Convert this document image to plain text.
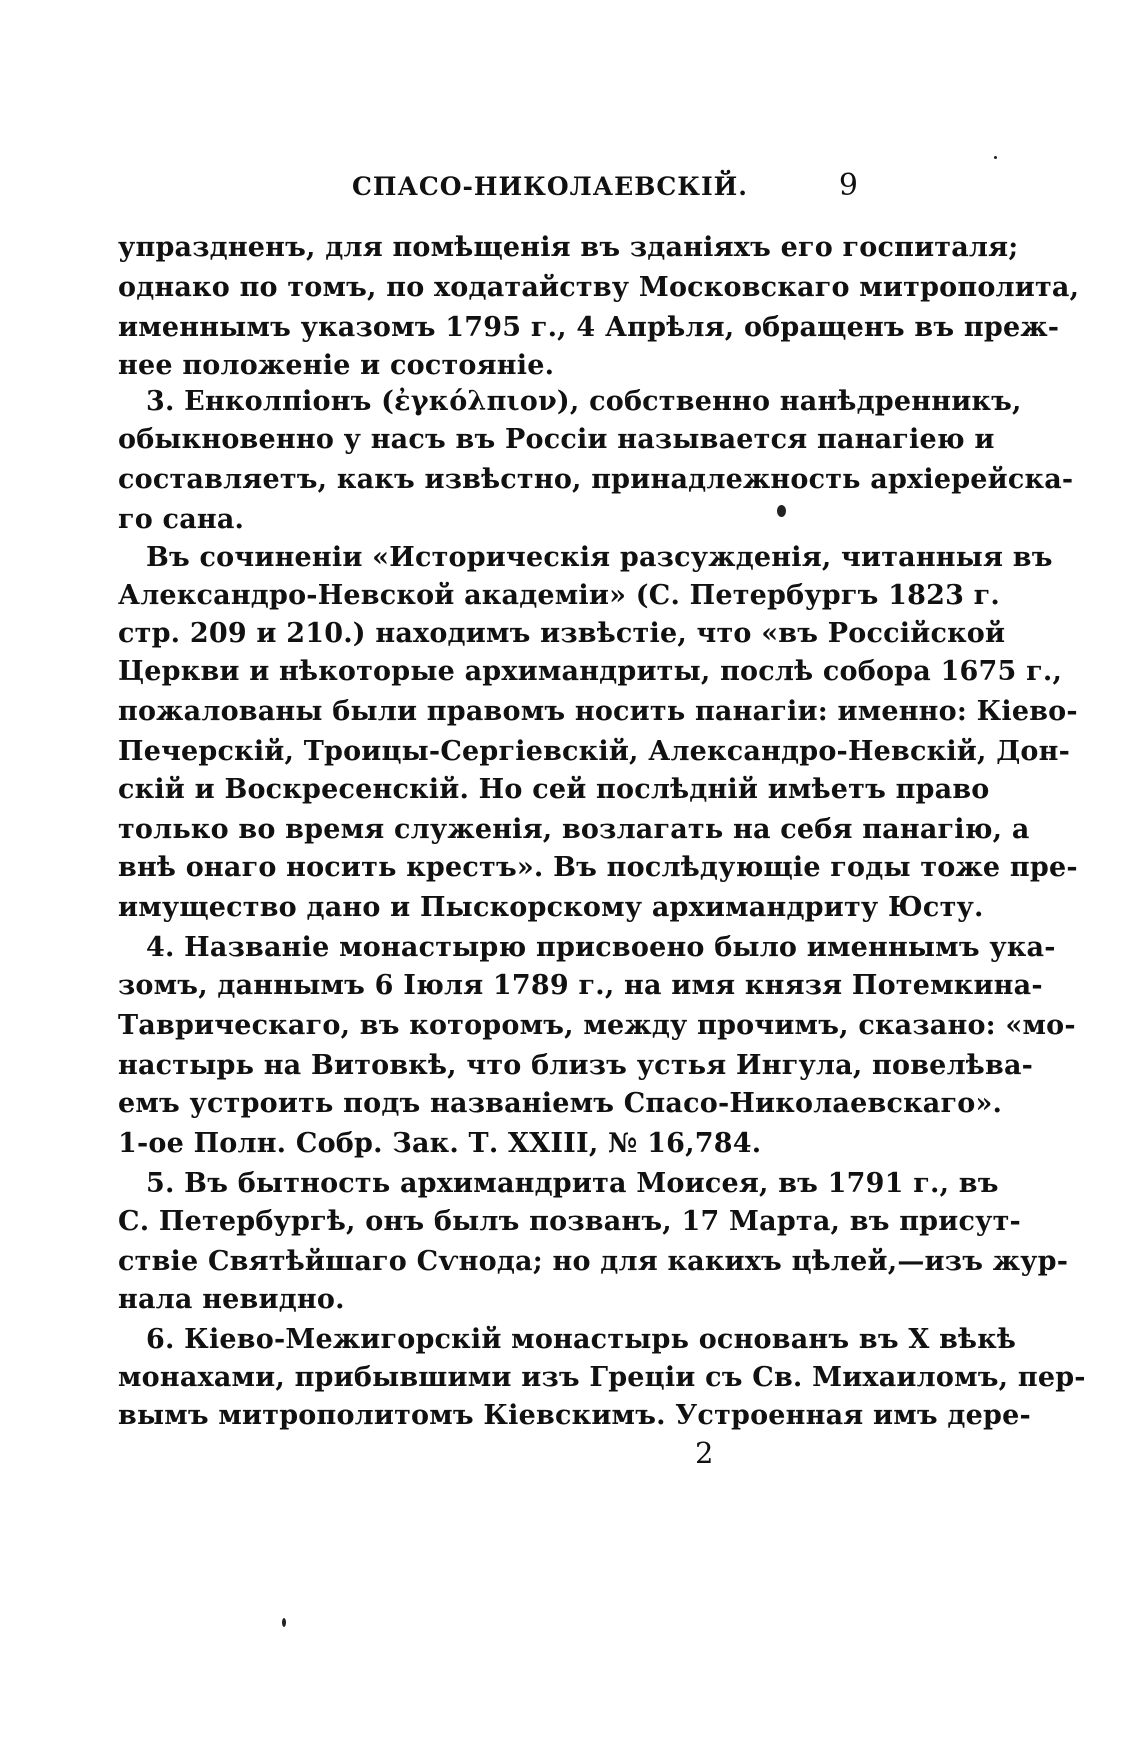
СПАСО-НИКОЛАЕВСКІЙ.	9
упраздненъ, для помѣщенія въ зданіяхъ его госпиталя;
однако по томъ, по ходатайству Московскаго митрополита,
именнымъ указомъ 1795 г., 4 Апрѣля, обращенъ въ преж-
нее положеніе и состояніе.
3. Енколпіонъ (ἐγκόλπιον), собственно нанѣдренникъ,
обыкновенно у насъ въ Россіи называется панагіею и
составляетъ, какъ извѣстно, принадлежность архіерейска-
го сана.
Въ сочиненіи «Историческія разсужденія, читанныя въ
Александро-Невской академіи» (С. Петербургъ 1823 г.
стр. 209 и 210.) находимъ извѣстіе, что «въ Россійской
Церкви и нѣкоторые архимандриты, послѣ собора 1675 г.,
пожалованы были правомъ носить панагіи: именно: Кіево-
Печерскій, Троицы-Сергіевскій, Александро-Невскій, Дон-
скій и Воскресенскій. Но сей послѣдній имѣетъ право
только во время служенія, возлагать на себя панагію, а
внѣ онаго носить крестъ». Въ послѣдующіе годы тоже пре-
имущество дано и Пыскорскому архимандриту Юсту.
4. Названіе монастырю присвоено было именнымъ ука-
зомъ, даннымъ 6 Іюля 1789 г., на имя князя Потемкина-
Таврическаго, въ которомъ, между прочимъ, сказано: «мо-
настырь на Витовкѣ, что близъ устья Ингула, повелѣва-
емъ устроить подъ названіемъ Спасо-Николаевскаго».
1-ое Полн. Собр. Зак. Т. XXIII, № 16,784.
5. Въ бытность архимандрита Моисея, въ 1791 г., въ
С. Петербургѣ, онъ былъ позванъ, 17 Марта, въ присут-
ствіе Святѣйшаго Сѵнода; но для какихъ цѣлей,—изъ жур-
нала невидно.
6. Кіево-Межигорскій монастырь основанъ въ X вѣкѣ
монахами, прибывшими изъ Греціи съ Св. Михаиломъ, пер-
вымъ митрополитомъ Кіевскимъ. Устроенная имъ дере-
2
